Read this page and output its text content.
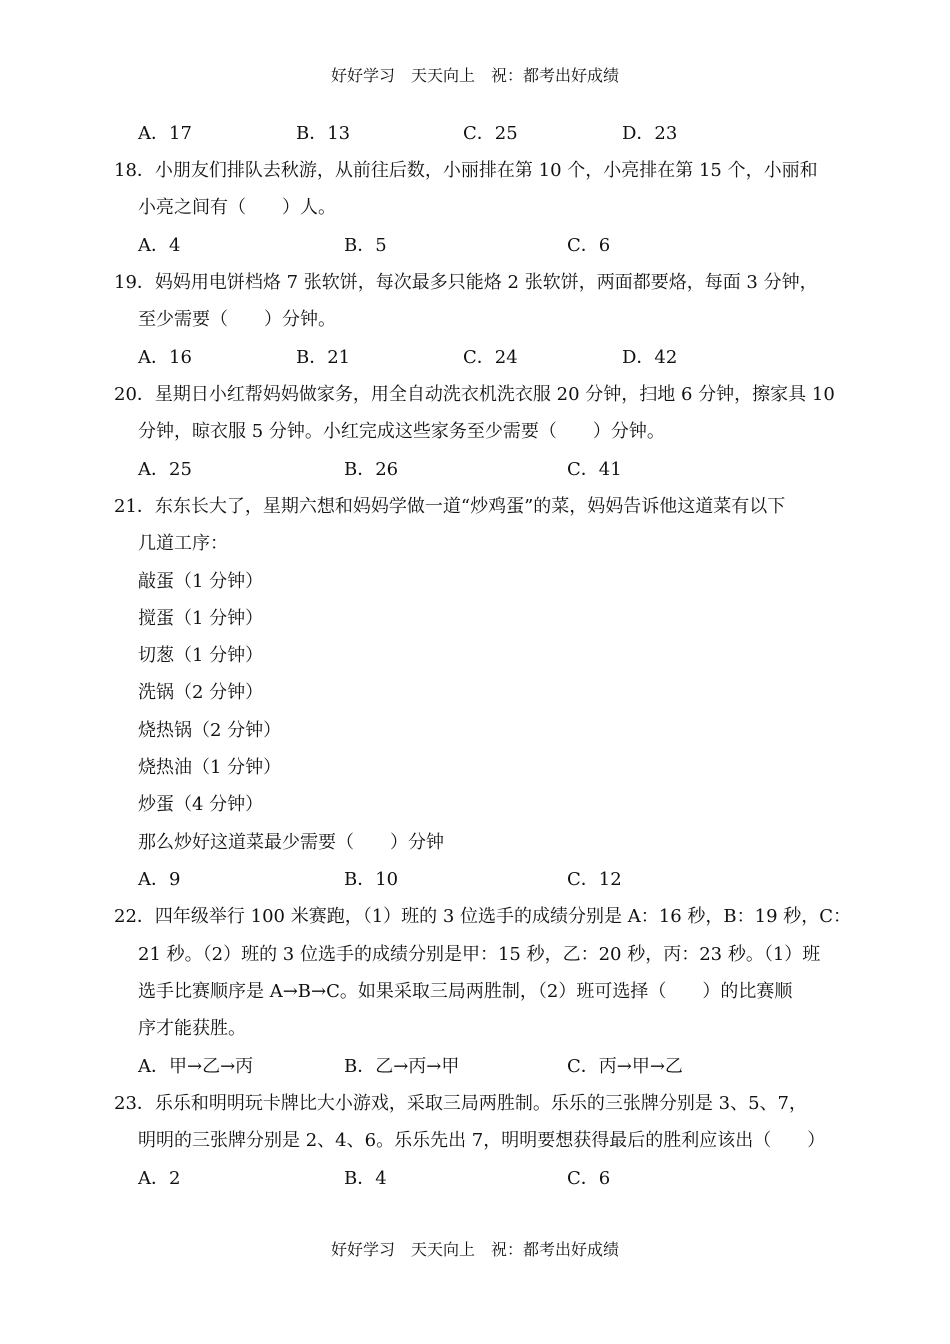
好好学习　天天向上　祝：都考出好成绩
A．17	B．13	C．25	D．23
18．小朋友们排队去秋游，从前往后数，小丽排在第 10 个，小亮排在第 15 个，小丽和
小亮之间有（　　）人。
A．4	B．5	C．6
19．妈妈用电饼档烙 7 张软饼，每次最多只能烙 2 张软饼，两面都要烙，每面 3 分钟，
至少需要（　　）分钟。
A．16	B．21	C．24	D．42
20．星期日小红帮妈妈做家务，用全自动洗衣机洗衣服 20 分钟，扫地 6 分钟，擦家具 10
分钟，晾衣服 5 分钟。小红完成这些家务至少需要（　　）分钟。
A．25	B．26	C．41
21．东东长大了，星期六想和妈妈学做一道“炒鸡蛋”的菜，妈妈告诉他这道菜有以下
几道工序：
敲蛋（1 分钟）
搅蛋（1 分钟）
切葱（1 分钟）
洗锅（2 分钟）
烧热锅（2 分钟）
烧热油（1 分钟）
炒蛋（4 分钟）
那么炒好这道菜最少需要（　　）分钟
A．9	B．10	C．12
22．四年级举行 100 米赛跑，（1）班的 3 位选手的成绩分别是 A：16 秒，B：19 秒，C：
21 秒。（2）班的 3 位选手的成绩分别是甲：15 秒，乙：20 秒，丙：23 秒。（1）班
选手比赛顺序是 A→B→C。如果采取三局两胜制，（2）班可选择（　　）的比赛顺
序才能获胜。
A．甲→乙→丙	B．乙→丙→甲	C．丙→甲→乙
23．乐乐和明明玩卡牌比大小游戏，采取三局两胜制。乐乐的三张牌分别是 3、5、7，
明明的三张牌分别是 2、4、6。乐乐先出 7，明明要想获得最后的胜利应该出（　　）
A．2	B．4	C．6
好好学习　天天向上　祝：都考出好成绩
